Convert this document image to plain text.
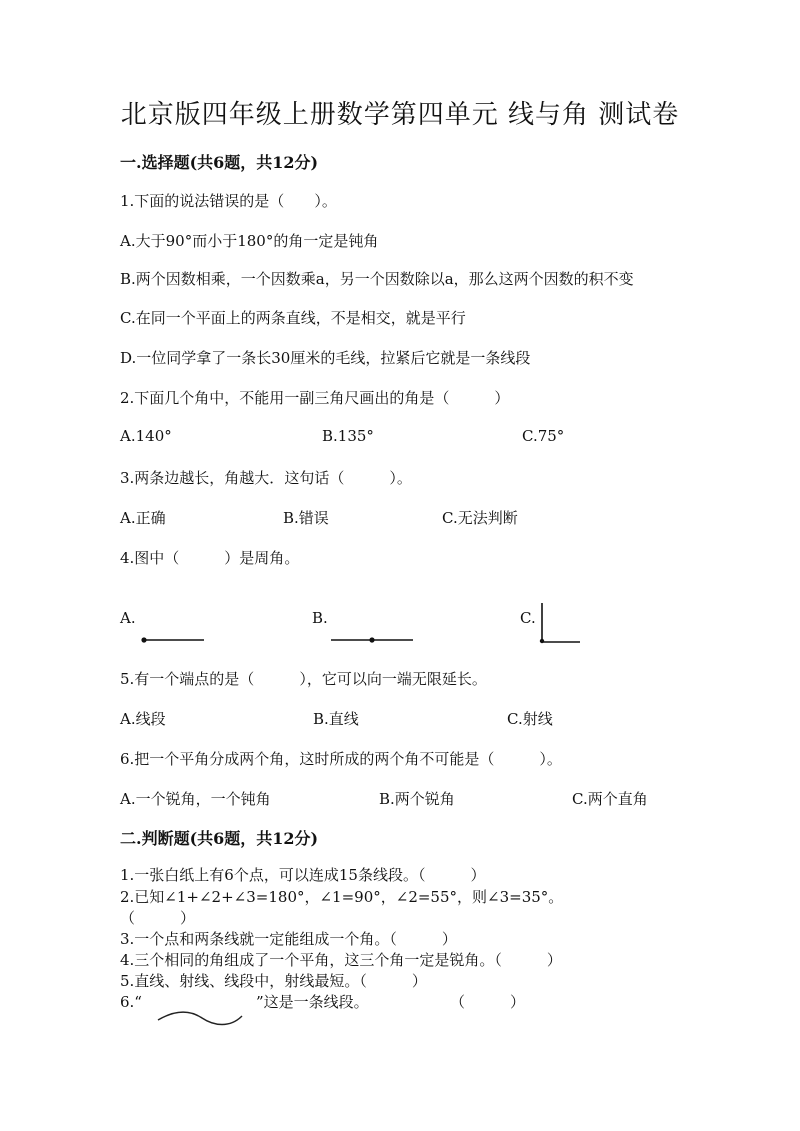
北京版四年级上册数学第四单元 线与角 测试卷
一.选择题(共6题，共12分)
1.下面的说法错误的是（　　）。
A.大于90°而小于180°的角一定是钝角
B.两个因数相乘，一个因数乘a，另一个因数除以a，那么这两个因数的积不变
C.在同一个平面上的两条直线，不是相交，就是平行
D.一位同学拿了一条长30厘米的毛线，拉紧后它就是一条线段
2.下面几个角中，不能用一副三角尺画出的角是（　　　）
A.140°	B.135°	C.75°
3.两条边越长，角越大．这句话（　　　）。
A.正确	B.错误	C.无法判断
4.图中（　　　）是周角。
A.	B.	C.
5.有一个端点的是（　　　），它可以向一端无限延长。
A.线段	B.直线	C.射线
6.把一个平角分成两个角，这时所成的两个角不可能是（　　　）。
A.一个锐角，一个钝角	B.两个锐角	C.两个直角
二.判断题(共6题，共12分)
1.一张白纸上有6个点，可以连成15条线段。（　　　）
2.已知∠1+∠2+∠3=180°，∠1=90°，∠2=55°，则∠3=35°。
（　　　）
3.一个点和两条线就一定能组成一个角。（　　　）
4.三个相同的角组成了一个平角，这三个角一定是锐角。（　　　）
5.直线、射线、线段中，射线最短。（　　　）
6.“	”这是一条线段。	（　　　）
